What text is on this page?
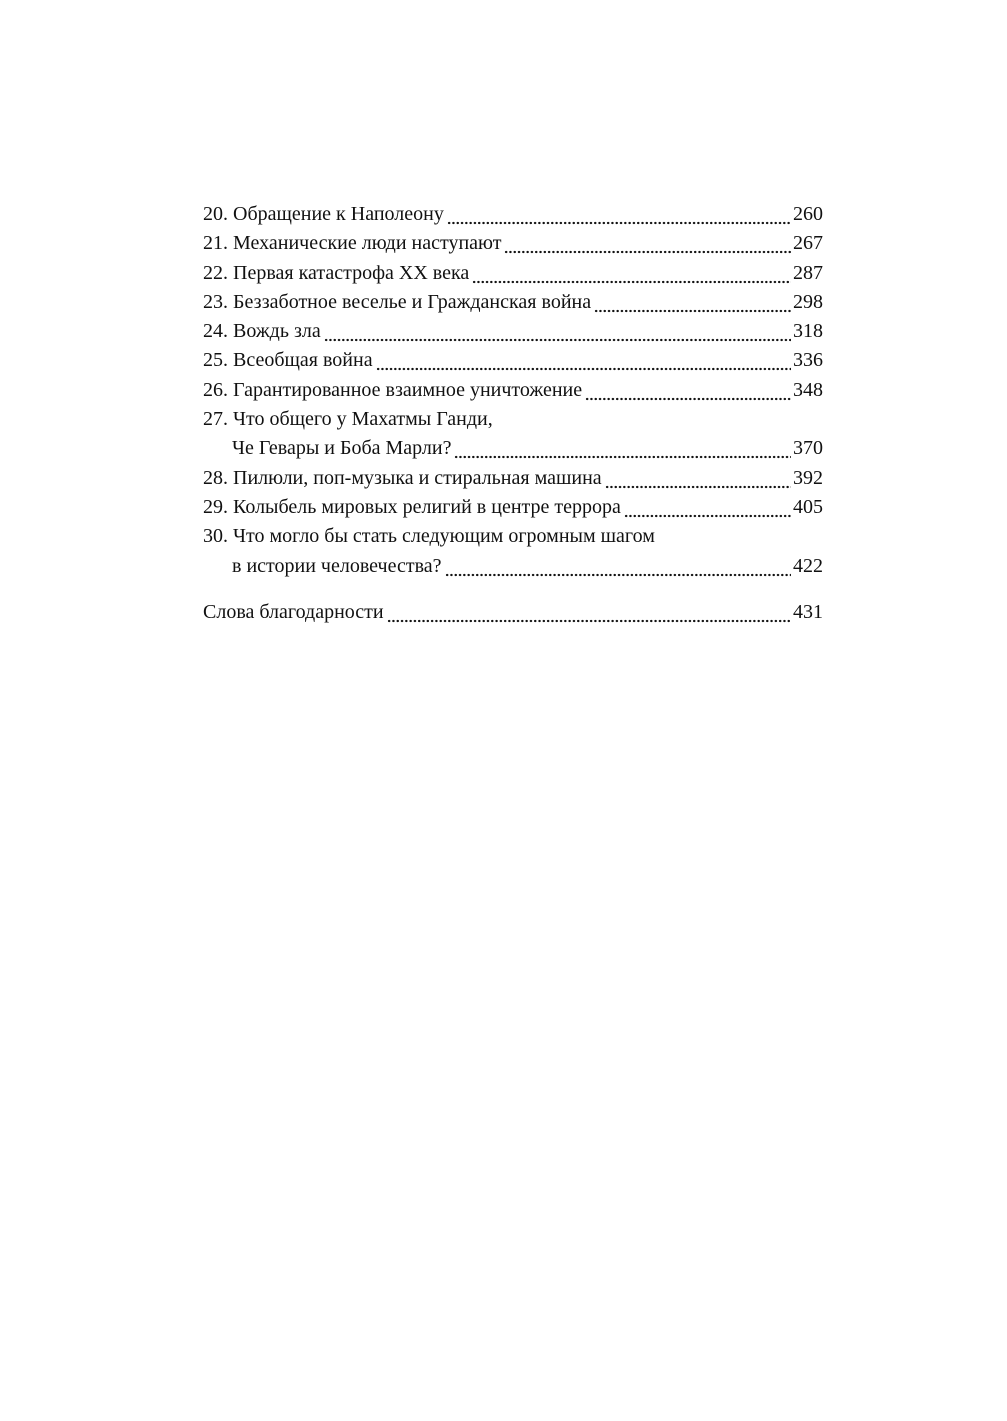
20. Обращение к Наполеону	260
21. Механические люди наступают	267
22. Первая катастрофа XX века	287
23. Беззаботное веселье и Гражданская война	298
24. Вождь зла	318
25. Всеобщая война	336
26. Гарантированное взаимное уничтожение	348
27. Что общего у Махатмы Ганди,
Че Гевары и Боба Марли?	370
28. Пилюли, поп-музыка и стиральная машина	392
29. Колыбель мировых религий в центре террора	405
30. Что могло бы стать следующим огромным шагом
в истории человечества?	422
Слова благодарности	431
